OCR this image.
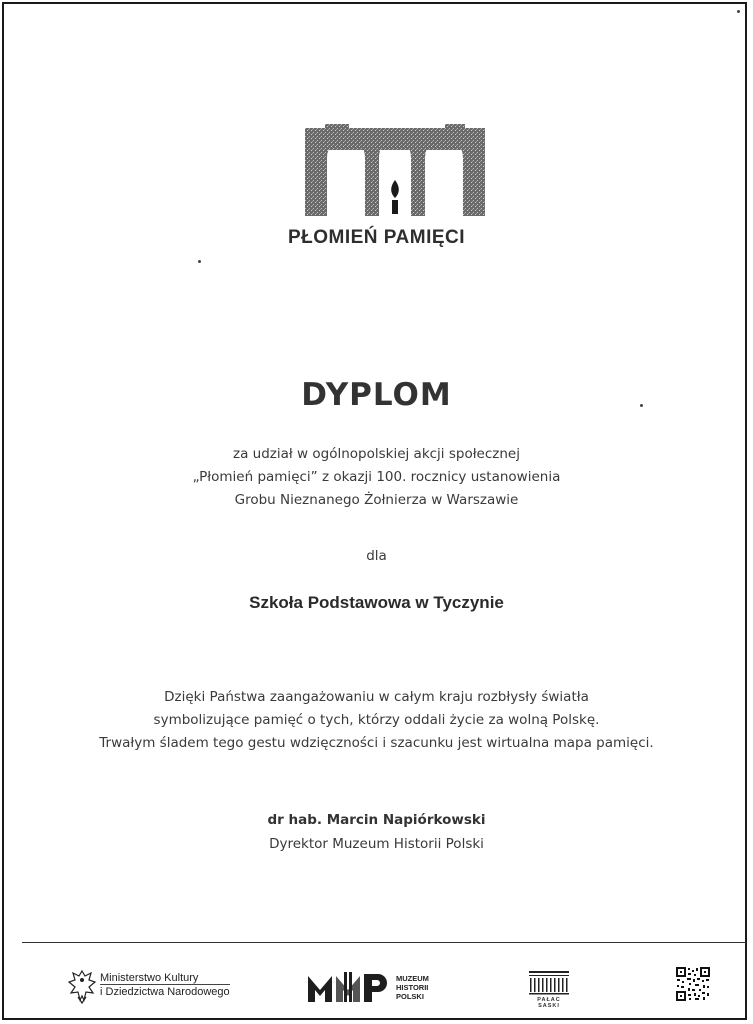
PŁOMIEŃ PAMIĘCI
DYPLOM
za udział w ogólnopolskiej akcji społecznej
„Płomień pamięci” z okazji 100. rocznicy ustanowienia
Grobu Nieznanego Żołnierza w Warszawie
dla
Szkoła Podstawowa w Tyczynie
Dzięki Państwa zaangażowaniu w całym kraju rozbłysły światła
symbolizujące pamięć o tych, którzy oddali życie za wolną Polskę.
Trwałym śladem tego gestu wdzięczności i szacunku jest wirtualna mapa pamięci.
dr hab. Marcin Napiórkowski
Dyrektor Muzeum Historii Polski
Ministerstwo Kultury
i Dziedzictwa Narodowego
MUZEUM
HISTORII
POLSKI	PAŁAC SASKI
